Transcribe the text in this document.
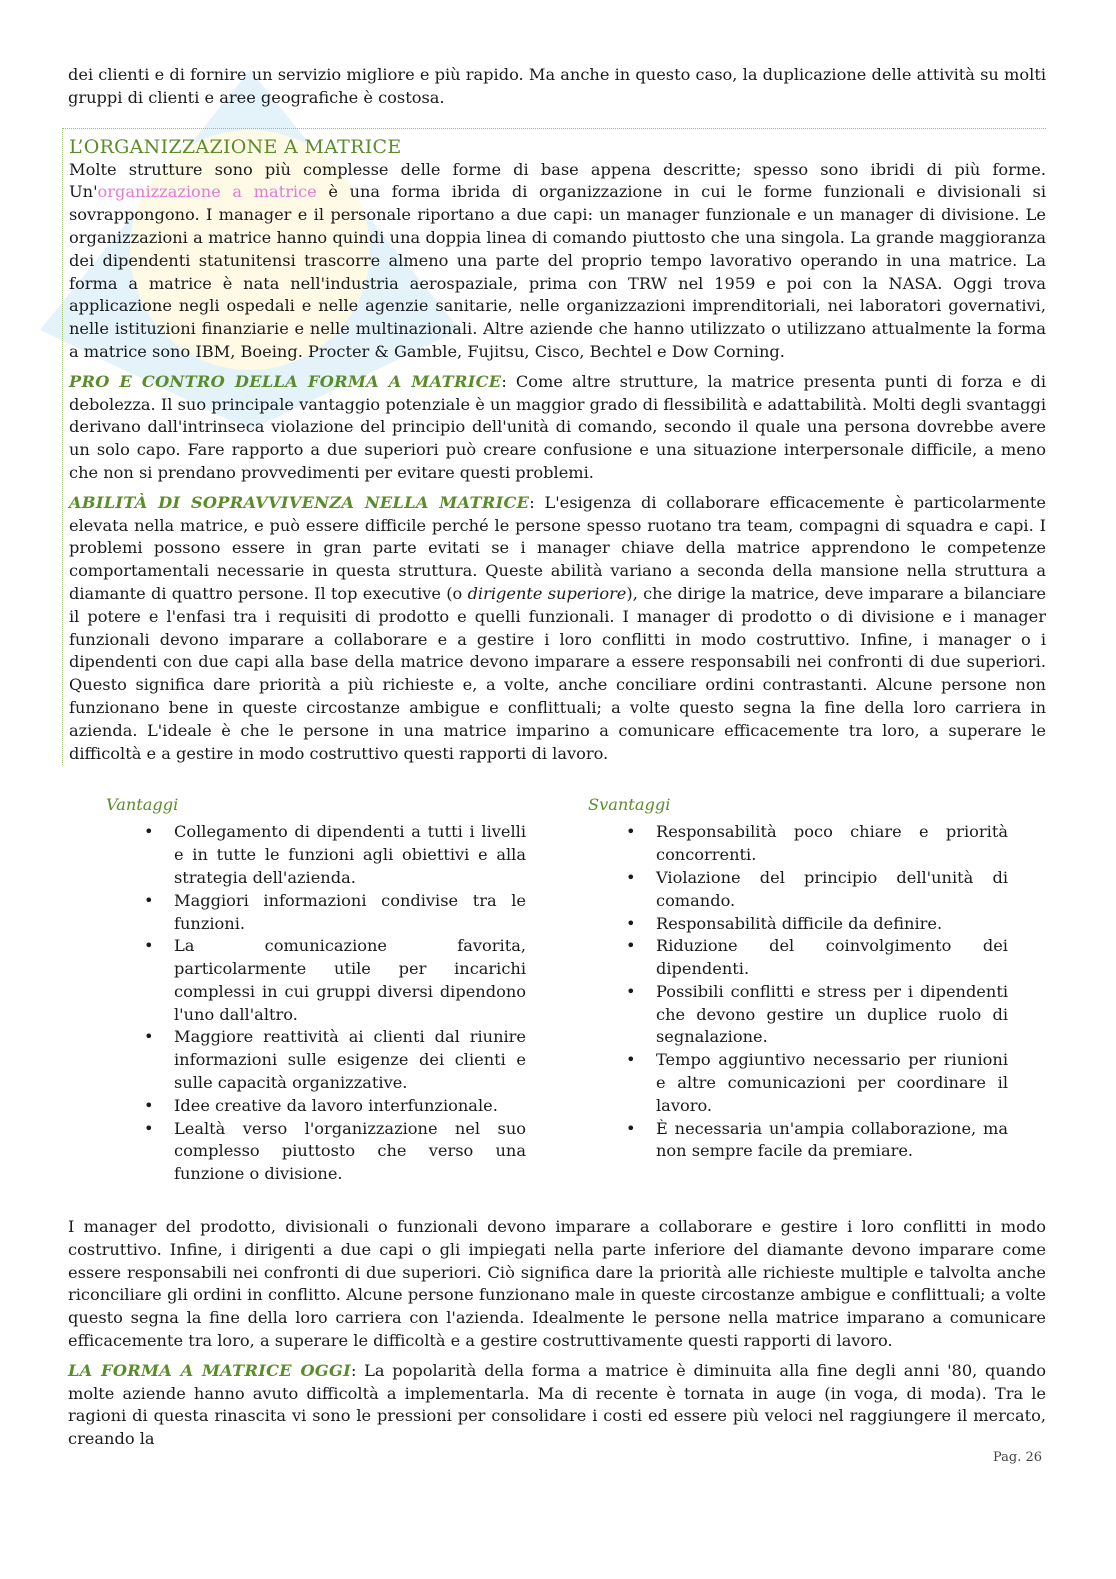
dei clienti e di fornire un servizio migliore e più rapido. Ma anche in questo caso, la duplicazione delle attività su molti gruppi di clienti e aree geografiche è costosa.

L’ORGANIZZAZIONE A MATRICE

Molte strutture sono più complesse delle forme di base appena descritte; spesso sono ibridi di più forme. Un'organizzazione a matrice è una forma ibrida di organizzazione in cui le forme funzionali e divisionali si sovrappongono. I manager e il personale riportano a due capi: un manager funzionale e un manager di divisione. Le organizzazioni a matrice hanno quindi una doppia linea di comando piuttosto che una singola. La grande maggioranza dei dipendenti statunitensi trascorre almeno una parte del proprio tempo lavorativo operando in una matrice. La forma a matrice è nata nell'industria aerospaziale, prima con TRW nel 1959 e poi con la NASA. Oggi trova applicazione negli ospedali e nelle agenzie sanitarie, nelle organizzazioni imprenditoriali, nei laboratori governativi, nelle istituzioni finanziarie e nelle multinazionali. Altre aziende che hanno utilizzato o utilizzano attualmente la forma a matrice sono IBM, Boeing. Procter & Gamble, Fujitsu, Cisco, Bechtel e Dow Corning.

PRO E CONTRO DELLA FORMA A MATRICE: Come altre strutture, la matrice presenta punti di forza e di debolezza. Il suo principale vantaggio potenziale è un maggior grado di flessibilità e adattabilità. Molti degli svantaggi derivano dall'intrinseca violazione del principio dell'unità di comando, secondo il quale una persona dovrebbe avere un solo capo. Fare rapporto a due superiori può creare confusione e una situazione interpersonale difficile, a meno che non si prendano provvedimenti per evitare questi problemi.

ABILITÀ DI SOPRAVVIVENZA NELLA MATRICE: L'esigenza di collaborare efficacemente è particolarmente elevata nella matrice, e può essere difficile perché le persone spesso ruotano tra team, compagni di squadra e capi. I problemi possono essere in gran parte evitati se i manager chiave della matrice apprendono le competenze comportamentali necessarie in questa struttura. Queste abilità variano a seconda della mansione nella struttura a diamante di quattro persone. Il top executive (o dirigente superiore), che dirige la matrice, deve imparare a bilanciare il potere e l'enfasi tra i requisiti di prodotto e quelli funzionali. I manager di prodotto o di divisione e i manager funzionali devono imparare a collaborare e a gestire i loro conflitti in modo costruttivo. Infine, i manager o i dipendenti con due capi alla base della matrice devono imparare a essere responsabili nei confronti di due superiori. Questo significa dare priorità a più richieste e, a volte, anche conciliare ordini contrastanti. Alcune persone non funzionano bene in queste circostanze ambigue e conflittuali; a volte questo segna la fine della loro carriera in azienda. L'ideale è che le persone in una matrice imparino a comunicare efficacemente tra loro, a superare le difficoltà e a gestire in modo costruttivo questi rapporti di lavoro.

Vantaggi
• Collegamento di dipendenti a tutti i livelli e in tutte le funzioni agli obiettivi e alla strategia dell'azienda.
• Maggiori informazioni condivise tra le funzioni.
• La comunicazione favorita, particolarmente utile per incarichi complessi in cui gruppi diversi dipendono l'uno dall'altro.
• Maggiore reattività ai clienti dal riunire informazioni sulle esigenze dei clienti e sulle capacità organizzative.
• Idee creative da lavoro interfunzionale.
• Lealtà verso l'organizzazione nel suo complesso piuttosto che verso una funzione o divisione.
Svantaggi
• Responsabilità poco chiare e priorità concorrenti.
• Violazione del principio dell'unità di comando.
• Responsabilità difficile da definire.
• Riduzione del coinvolgimento dei dipendenti.
• Possibili conflitti e stress per i dipendenti che devono gestire un duplice ruolo di segnalazione.
• Tempo aggiuntivo necessario per riunioni e altre comunicazioni per coordinare il lavoro.
• È necessaria un'ampia collaborazione, ma non sempre facile da premiare.

I manager del prodotto, divisionali o funzionali devono imparare a collaborare e gestire i loro conflitti in modo costruttivo. Infine, i dirigenti a due capi o gli impiegati nella parte inferiore del diamante devono imparare come essere responsabili nei confronti di due superiori. Ciò significa dare la priorità alle richieste multiple e talvolta anche riconciliare gli ordini in conflitto. Alcune persone funzionano male in queste circostanze ambigue e conflittuali; a volte questo segna la fine della loro carriera con l'azienda. Idealmente le persone nella matrice imparano a comunicare efficacemente tra loro, a superare le difficoltà e a gestire costruttivamente questi rapporti di lavoro.

LA FORMA A MATRICE OGGI: La popolarità della forma a matrice è diminuita alla fine degli anni '80, quando molte aziende hanno avuto difficoltà a implementarla. Ma di recente è tornata in auge (in voga, di moda). Tra le ragioni di questa rinascita vi sono le pressioni per consolidare i costi ed essere più veloci nel raggiungere il mercato, creando la

Pag. 26
